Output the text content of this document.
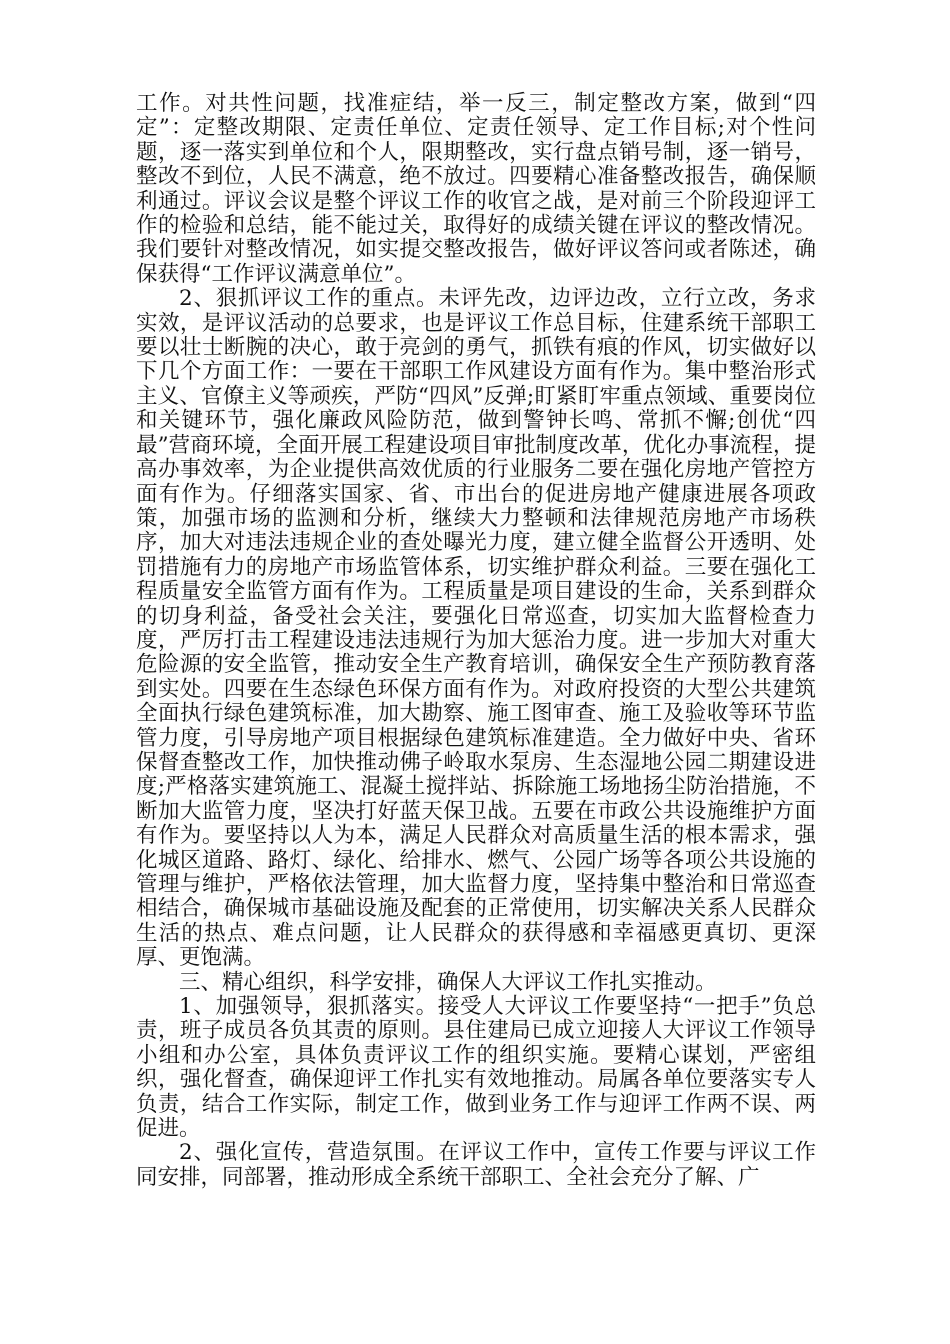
工作。对共性问题，找准症结，举一反三，制定整改方案，做到“四定”：定整改期限、定责任单位、定责任领导、定工作目标;对个性问题，逐一落实到单位和个人，限期整改，实行盘点销号制，逐一销号，整改不到位，人民不满意，绝不放过。四要精心准备整改报告，确保顺利通过。评议会议是整个评议工作的收官之战，是对前三个阶段迎评工作的检验和总结，能不能过关，取得好的成绩关键在评议的整改情况。我们要针对整改情况，如实提交整改报告，做好评议答问或者陈述，确保获得“工作评议满意单位”。

2、狠抓评议工作的重点。未评先改，边评边改，立行立改，务求实效，是评议活动的总要求，也是评议工作总目标，住建系统干部职工要以壮士断腕的决心，敢于亮剑的勇气，抓铁有痕的作风，切实做好以下几个方面工作：一要在干部职工作风建设方面有作为。集中整治形式主义、官僚主义等顽疾，严防“四风”反弹;盯紧盯牢重点领域、重要岗位和关键环节，强化廉政风险防范，做到警钟长鸣、常抓不懈;创优“四最”营商环境，全面开展工程建设项目审批制度改革，优化办事流程，提高办事效率，为企业提供高效优质的行业服务二要在强化房地产管控方面有作为。仔细落实国家、省、市出台的促进房地产健康进展各项政策，加强市场的监测和分析，继续大力整顿和法律规范房地产市场秩序，加大对违法违规企业的查处曝光力度，建立健全监督公开透明、处罚措施有力的房地产市场监管体系，切实维护群众利益。三要在强化工程质量安全监管方面有作为。工程质量是项目建设的生命，关系到群众的切身利益，备受社会关注，要强化日常巡查，切实加大监督检查力度，严厉打击工程建设违法违规行为加大惩治力度。进一步加大对重大危险源的安全监管，推动安全生产教育培训，确保安全生产预防教育落到实处。四要在生态绿色环保方面有作为。对政府投资的大型公共建筑全面执行绿色建筑标准，加大勘察、施工图审查、施工及验收等环节监管力度，引导房地产项目根据绿色建筑标准建造。全力做好中央、省环保督查整改工作，加快推动佛子岭取水泵房、生态湿地公园二期建设进度;严格落实建筑施工、混凝土搅拌站、拆除施工场地扬尘防治措施，不断加大监管力度，坚决打好蓝天保卫战。五要在市政公共设施维护方面有作为。要坚持以人为本，满足人民群众对高质量生活的根本需求，强化城区道路、路灯、绿化、给排水、燃气、公园广场等各项公共设施的管理与维护，严格依法管理，加大监督力度，坚持集中整治和日常巡查相结合，确保城市基础设施及配套的正常使用，切实解决关系人民群众生活的热点、难点问题，让人民群众的获得感和幸福感更真切、更深厚、更饱满。

三、精心组织，科学安排，确保人大评议工作扎实推动。

1、加强领导，狠抓落实。接受人大评议工作要坚持“一把手”负总责，班子成员各负其责的原则。县住建局已成立迎接人大评议工作领导小组和办公室，具体负责评议工作的组织实施。要精心谋划，严密组织，强化督查，确保迎评工作扎实有效地推动。局属各单位要落实专人负责，结合工作实际，制定工作，做到业务工作与迎评工作两不误、两促进。

2、强化宣传，营造氛围。在评议工作中，宣传工作要与评议工作同安排，同部署，推动形成全系统干部职工、全社会充分了解、广
